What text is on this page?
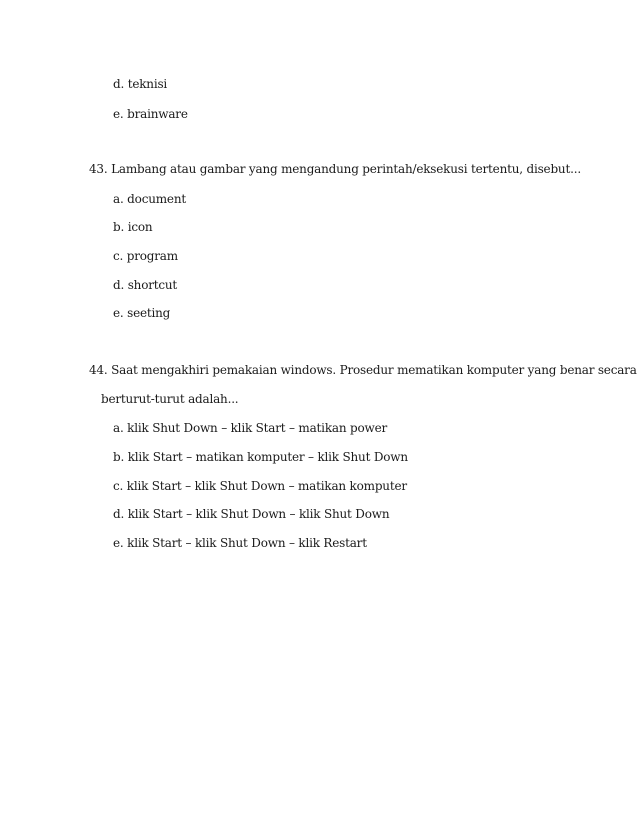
d. teknisi
e. brainware
43. Lambang atau gambar yang mengandung perintah/eksekusi tertentu, disebut...
a. document
b. icon
c. program
d. shortcut
e. seeting
44. Saat mengakhiri pemakaian windows. Prosedur mematikan komputer yang benar secara
berturut-turut adalah...
a. klik Shut Down – klik Start – matikan power
b. klik Start – matikan komputer – klik Shut Down
c. klik Start – klik Shut Down – matikan komputer
d. klik Start – klik Shut Down – klik Shut Down
e. klik Start – klik Shut Down – klik Restart
